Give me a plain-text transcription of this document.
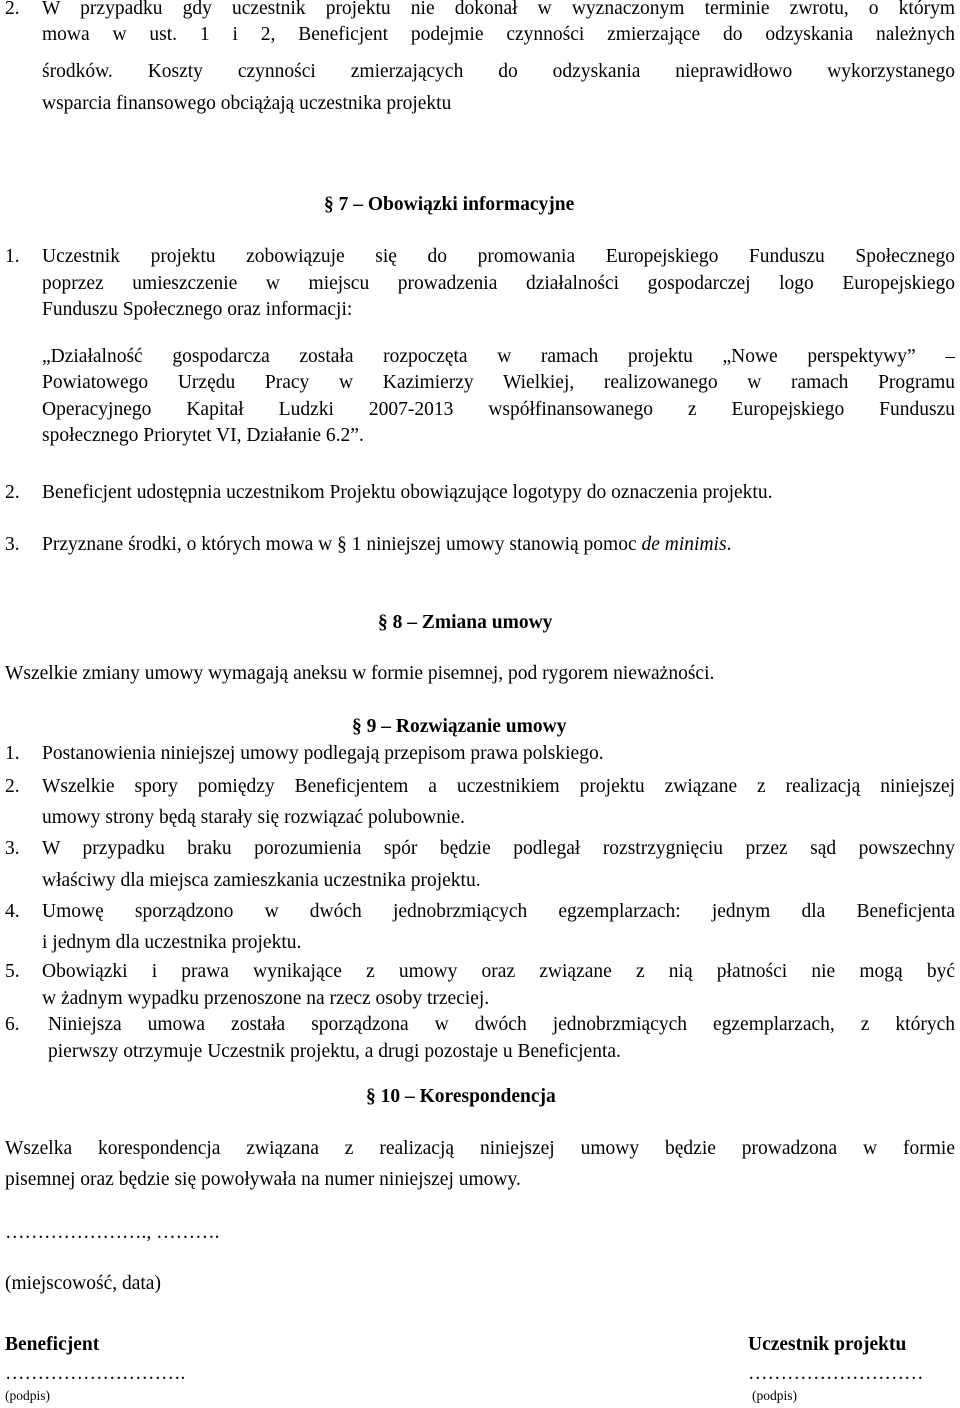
2. W przypadku gdy uczestnik projektu nie dokonał w wyznaczonym terminie zwrotu, o którym
mowa w ust. 1 i 2, Beneficjent podejmie czynności zmierzające do odzyskania należnych
środków. Koszty czynności zmierzających do odzyskania nieprawidłowo wykorzystanego
wsparcia finansowego obciążają uczestnika projektu
§ 7 – Obowiązki informacyjne
1. Uczestnik projektu zobowiązuje się do promowania Europejskiego Funduszu Społecznego
poprzez umieszczenie w miejscu prowadzenia działalności gospodarczej logo Europejskiego
Funduszu Społecznego oraz informacji:
„Działalność gospodarcza została rozpoczęta w ramach projektu „Nowe perspektywy” –
Powiatowego Urzędu Pracy w Kazimierzy Wielkiej, realizowanego w ramach Programu
Operacyjnego Kapitał Ludzki 2007-2013 współfinansowanego z Europejskiego Funduszu
społecznego Priorytet VI, Działanie 6.2”.
2. Beneficjent udostępnia uczestnikom Projektu obowiązujące logotypy do oznaczenia projektu.
3. Przyznane środki, o których mowa w § 1 niniejszej umowy stanowią pomoc de minimis.
§ 8 – Zmiana umowy
Wszelkie zmiany umowy wymagają aneksu w formie pisemnej, pod rygorem nieważności.
§ 9 – Rozwiązanie umowy
1. Postanowienia niniejszej umowy podlegają przepisom prawa polskiego.
2. Wszelkie spory pomiędzy Beneficjentem a uczestnikiem projektu związane z realizacją niniejszej
umowy strony będą starały się rozwiązać polubownie.
3. W przypadku braku porozumienia spór będzie podlegał rozstrzygnięciu przez sąd powszechny
właściwy dla miejsca zamieszkania uczestnika projektu.
4. Umowę sporządzono w dwóch jednobrzmiących egzemplarzach: jednym dla Beneficjenta
i jednym dla uczestnika projektu.
5. Obowiązki i prawa wynikające z umowy oraz związane z nią płatności nie mogą być
w żadnym wypadku przenoszone na rzecz osoby trzeciej.
6. Niniejsza umowa została sporządzona w dwóch jednobrzmiących egzemplarzach, z których
pierwszy otrzymuje Uczestnik projektu, a drugi pozostaje u Beneficjenta.
§ 10 – Korespondencja
Wszelka korespondencja związana z realizacją niniejszej umowy będzie prowadzona w formie
pisemnej oraz będzie się powoływała na numer niniejszej umowy.
…………………., ……….
(miejscowość, data)
Beneficjent	Uczestnik projektu
……………………….	………………………
(podpis)	(podpis)
